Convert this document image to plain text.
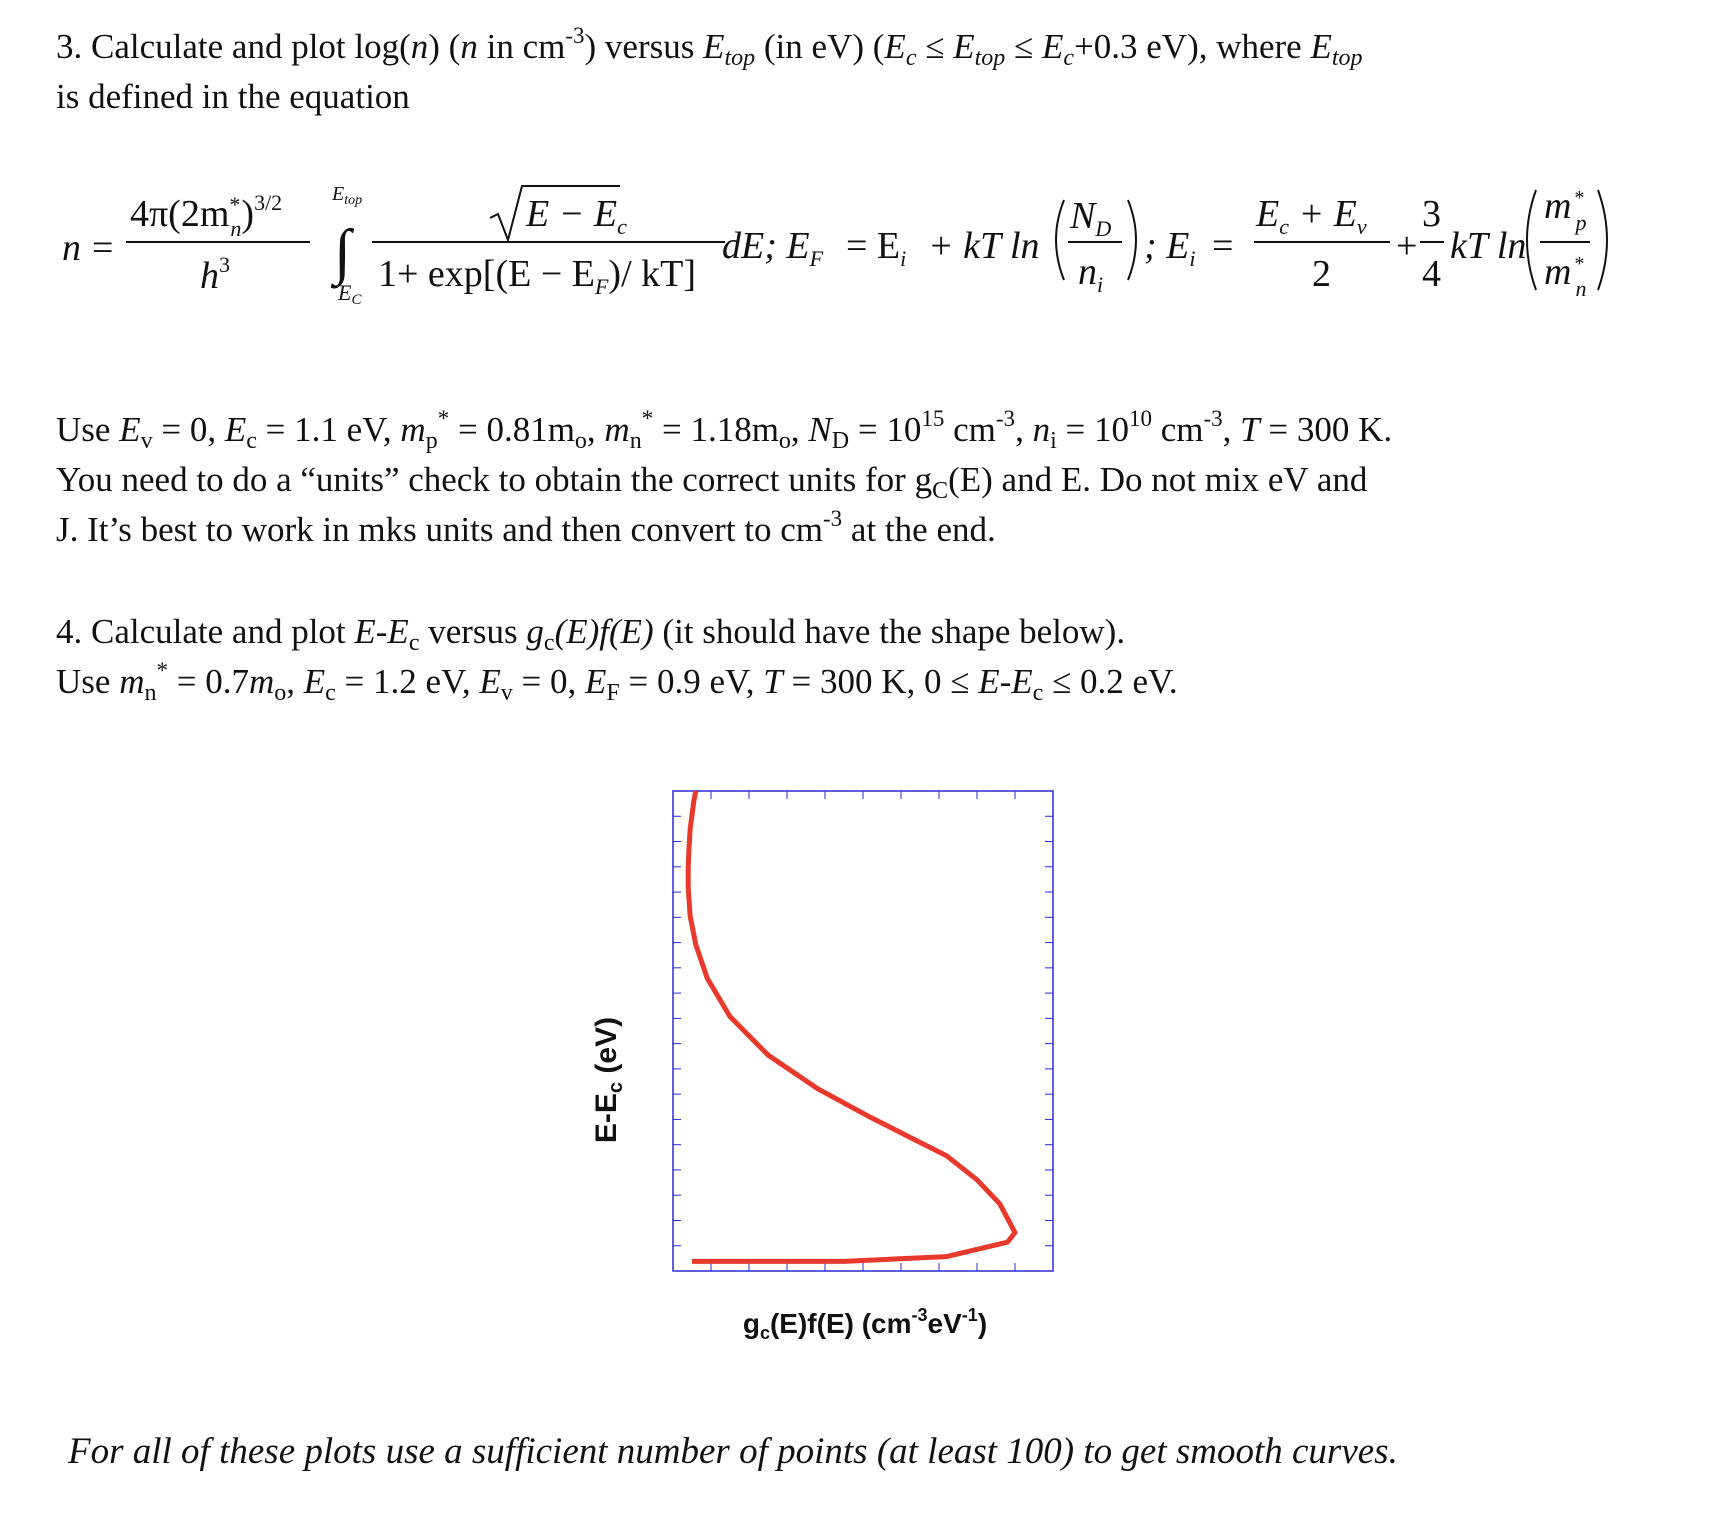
3. Calculate and plot log(n) (n in $cm^{-3}$) versus $E_{top}$ (in eV) ($E_c \le E_{top} \le E_c+0.3$ eV), where $E_{top}$
is defined in the equation
n =
4π(2m* n)$^{3/2}$
$h^3$
$E_{top}$
∫
EC
$E - E_c$
$1+ \exp[(E - E_F)/$ kT]
dE; $E_F = E_i$ + kT ln
$N_D$
$n_i$
; $E_i$ =
$E_c + E_v$
2
+
3
4
kT ln
m * p
m * n
Use $E_v = 0$, $E_c = 1.1$ eV, $m_p^* = 0.81m_o$, $m_n^* = 1.18m_o$, $N_D = 10^{15}$ $cm^{-3}$, $n_i = 10^{10}$ $cm^{-3}$, T = 300 K.
You need to do a “units” check to obtain the correct units for $g_C(E)$ and E. Do not mix eV and
J. It’s best to work in mks units and then convert to $cm^{-3}$ at the end.
4. Calculate and plot $E-E_c$ versus $g_c(E)f(E)$ (it should have the shape below).
Use $m_n^* = 0.7m_o$, $E_c = 1.2$ eV, $E_v = 0$, $E_F = 0.9$ eV, T = 300 K, $0 \le E-E_c \le 0.2$ eV.
$E-E_c$ (eV)
$g_c(E)f(E)$ $(cm^{-3}eV^{-1})$
For all of these plots use a sufficient number of points (at least 100) to get smooth curves.
